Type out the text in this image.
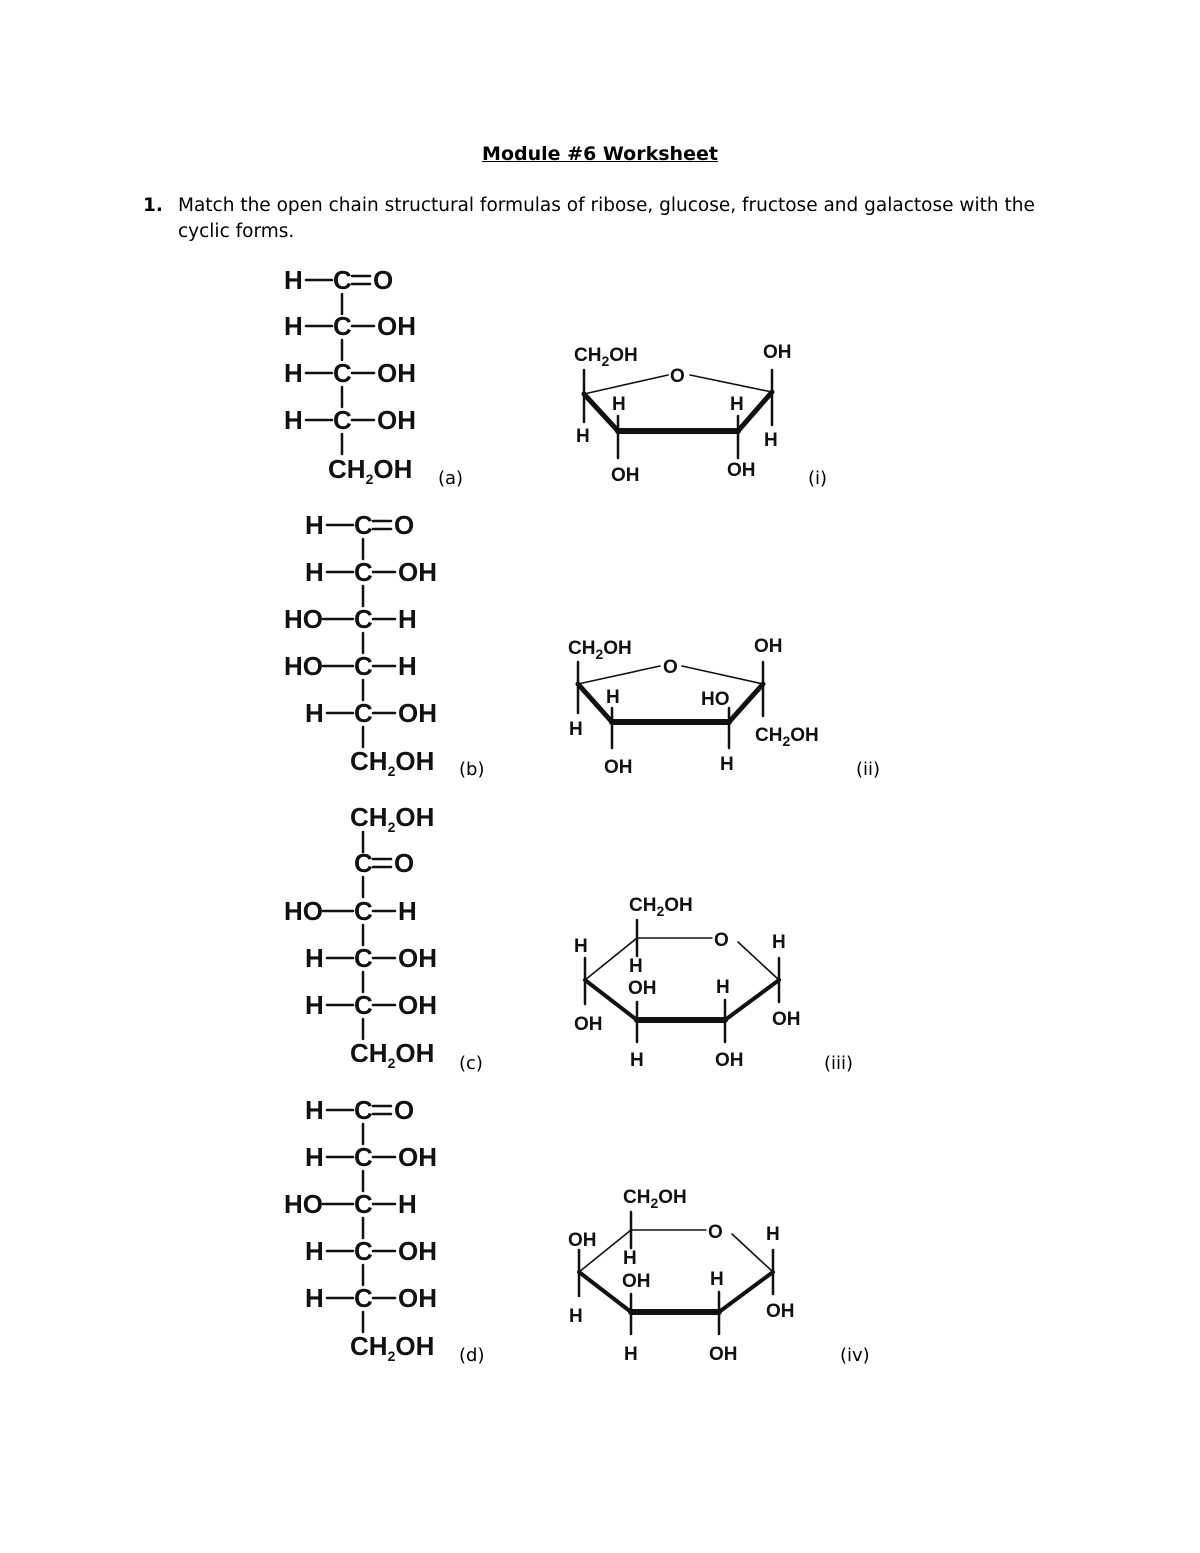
Module #6 Worksheet
1. Match the open chain structural formulas of ribose, glucose, fructose and galactose with the cyclic forms.
H C O
H C OH
H C OH
H C OH
$CH_2OH$
H C O
H C OH
HO C H
HO C H
H C OH
$CH_2OH$
$CH_2OH$
C O
HO C H
H C OH
H C OH
$CH_2OH$
H C O
H C OH
HO C H
H C OH
H C OH
$CH_2OH$
$CH_2OH$
O
OH
H	H
H	H
OH	OH
$CH_2OH$
O
OH
H	HO
H	$CH_2OH$
OH	H
$CH_2OH$
O
H	H
H
OH	H
OH	OH
H	OH
$CH_2OH$
O
OH	H
H
OH	H
H	OH
H	OH
(a)
(b)
(c)
(d)
(i)
(ii)
(iii)
(iv)
